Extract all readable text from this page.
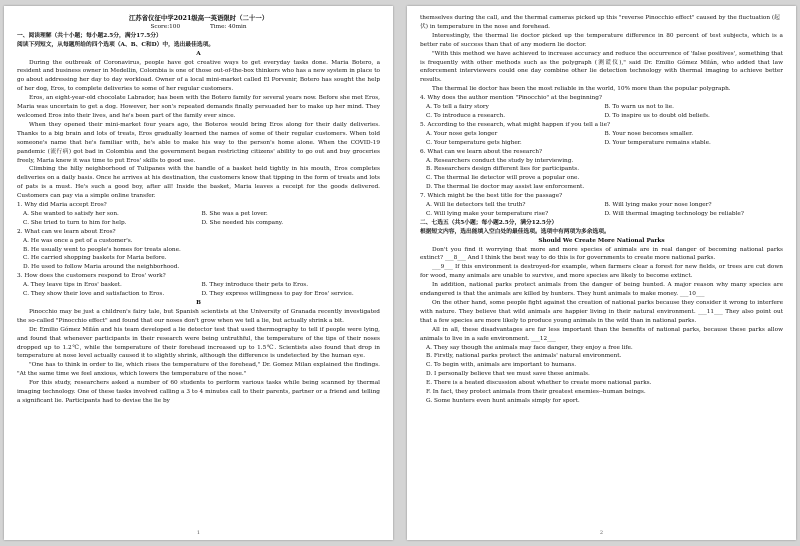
江苏省仪征中学2021级高一英语限时（二十一）
Score:100	Time: 40min
一、阅读理解（共十小题；每小题2.5分，满分17.5分）
阅读下列短文，从每题所给的四个选项（A、B、C和D）中，选出最佳选项。
A

During the outbreak of Coronavirus, people have got creative ways to get everyday tasks done. Maria Botero, a resident and business owner in Medellin, Colombia is one of those out-of-the-box thinkers who has a new system in place to go about addressing her day to day workload. Owner of a local mini-market called El Porvenir, Botero has sought the help of her dog, Eros, to complete deliveries to some of her regular customers.

Eros, an eight-year-old chocolate Labrador, has been with the Botero family for several years now. Before she met Eros, Maria was uncertain to get a dog. However, her son's repeated demands finally persuaded her to make up her mind. They welcomed Eros into their lives, and he's been part of the family ever since.

When they opened their mini-market four years ago, the Boteros would bring Eros along for their daily deliveries. Thanks to a big brain and lots of treats, Eros gradually learned the names of some of their regular customers. When told someone's name that he's familiar with, he's able to make his way to the person's home alone. When the COVID-19 pandemic (流行病) got bad in Colombia and the government began restricting citizens' ability to go out and buy groceries freely, Maria knew it was time to put Eros' skills to good use.

Climbing the hilly neighborhood of Tulipanes with the handle of a basket held tightly in his mouth, Eros completes deliveries on a daily basis. Once he arrives at his destination, the customers know that tipping in the form of treats and lots of pats is a must. He's such a good boy, after all! Inside the basket, Maria leaves a receipt for the goods delivered. Customers can pay via a simple online transfer.

1. Why did Maria accept Eros?
A. She wanted to satisfy her son.	B. She was a pet lover.
C. She tried to turn to him for help.	D. She needed his company.
2. What can we learn about Eros?
A. He was once a pet of a customer's.
B. He usually went to people's homes for treats alone.
C. He carried shopping baskets for Maria before.
D. He used to follow Maria around the neighborhood.
3. How does the customers respond to Eros' work?
A. They leave tips in Eros' basket.	B. They introduce their pets to Eros.
C. They show their love and satisfaction to Eros.	D. They express willingness to pay for Eros' service.
B

Pinocchio may be just a children's fairy tale, but Spanish scientists at the University of Granada recently investigated the so-called "Pinocchio effect" and found that our noses don't grow when we tell a lie, but actually shrink a bit.

Dr. Emilio Gómez Milán and his team developed a lie detector test that used thermography to tell if people were lying, and found that whenever participants in their research were being untruthful, the temperature of the tips of their noses dropped up to 1.2℃, while the temperature of their forehead increased up to 1.5℃. Scientists also found that drop in temperature at nose level actually caused it to slightly shrink, although the difference is undetected by the human eye.

"One has to think in order to lie, which rises the temperature of the forehead," Dr. Gomez Milan explained the findings. "At the same time we feel anxious, which lowers the temperature of the nose."

For this study, researchers asked a number of 60 students to perform various tasks while being scanned by thermal imaging technology. One of these tasks involved calling a 3 to 4 minutes call to their parents, partner or a friend and telling a significant lie. Participants had to devise the lie by

1

themselves during the call, and the thermal cameras picked up this "reverse Pinocchio effect" caused by the fluctuation (起伏) in temperature in the nose and forehead.

Interestingly, the thermal lie doctor picked up the temperature difference in 80 percent of test subjects, which is a better rate of success than that of any modern lie doctor.

"With this method we have achieved to increase accuracy and reduce the occurrence of 'false positives', something that is frequently with other methods such as the polygraph (测谎仪)," said Dr. Emilio Gómez Milán, who added that law enforcement interviewers could one day combine other lie detection technology with thermal imaging to achieve better results.

The thermal lie doctor has been the most reliable in the world, 10% more than the popular polygraph.

4. Why does the author mention "Pinocchio" at the beginning?
A. To tell a fairy story	B. To warn us not to lie.
C. To introduce a research.	D. To inspire us to doubt old beliefs.
5. According to the research, what might happen if you tell a lie?
A. Your nose gets longer	B. Your nose becomes smaller.
C. Your temperature gets higher.	D. Your temperature remains stable.
6. What can we learn about the research?
A. Researchers conduct the study by interviewing.
B. Researchers design different lies for participants.
C. The thermal lie detector will prove a popular one.
D. The thermal lie doctor may assist law enforcement.
7. Which might be the best title for the passage?
A. Will lie detectors tell the truth?	B. Will lying make your nose longer?
C. Will lying make your temperature rise?	D. Will thermal imaging technology be reliable?
二、七选五（共5小题；每小题2.5分，满分12.5分）
根据短文内容，选出能填入空白处的最佳选项。选项中有两项为多余选项。
Should We Create More National Parks

Don't you find it worrying that more and more species of animals are in real danger of becoming national parks extinct? ___8___ And I think the best way to do this is for governments to create more national parks.

___9___ If this environment is destroyed-for example, when farmers clear a forest for new fields, or trees are cut down for wood, many animals are unable to survive, and more species are likely to become extinct.

In addition, national parks protect animals from the danger of being hunted. A major reason why many species are endangered is that the animals are killed by hunters. They hunt animals to make money. ___10___

On the other hand, some people fight against the creation of national parks because they consider it wrong to interfere with nature. They believe that wild animals are happier living in their natural environment. ___11___ They also point out that a few species are more likely to produce young animals in the wild than in national parks.

All in all, these disadvantages are far less important than the benefits of national parks, because these parks allow animals to live in a safe environment. ___12___

A. They say though the animals may face danger, they enjoy a free life.
B. Firstly, national parks protect the animals' natural environment.
C. To begin with, animals are important to humans.
D. I personally believe that we must save these animals.
E. There is a heated discussion about whether to create more national parks.
F. In fact, they protect animals from their greatest enemies--human beings.
G. Some hunters even hunt animals simply for sport.
2
